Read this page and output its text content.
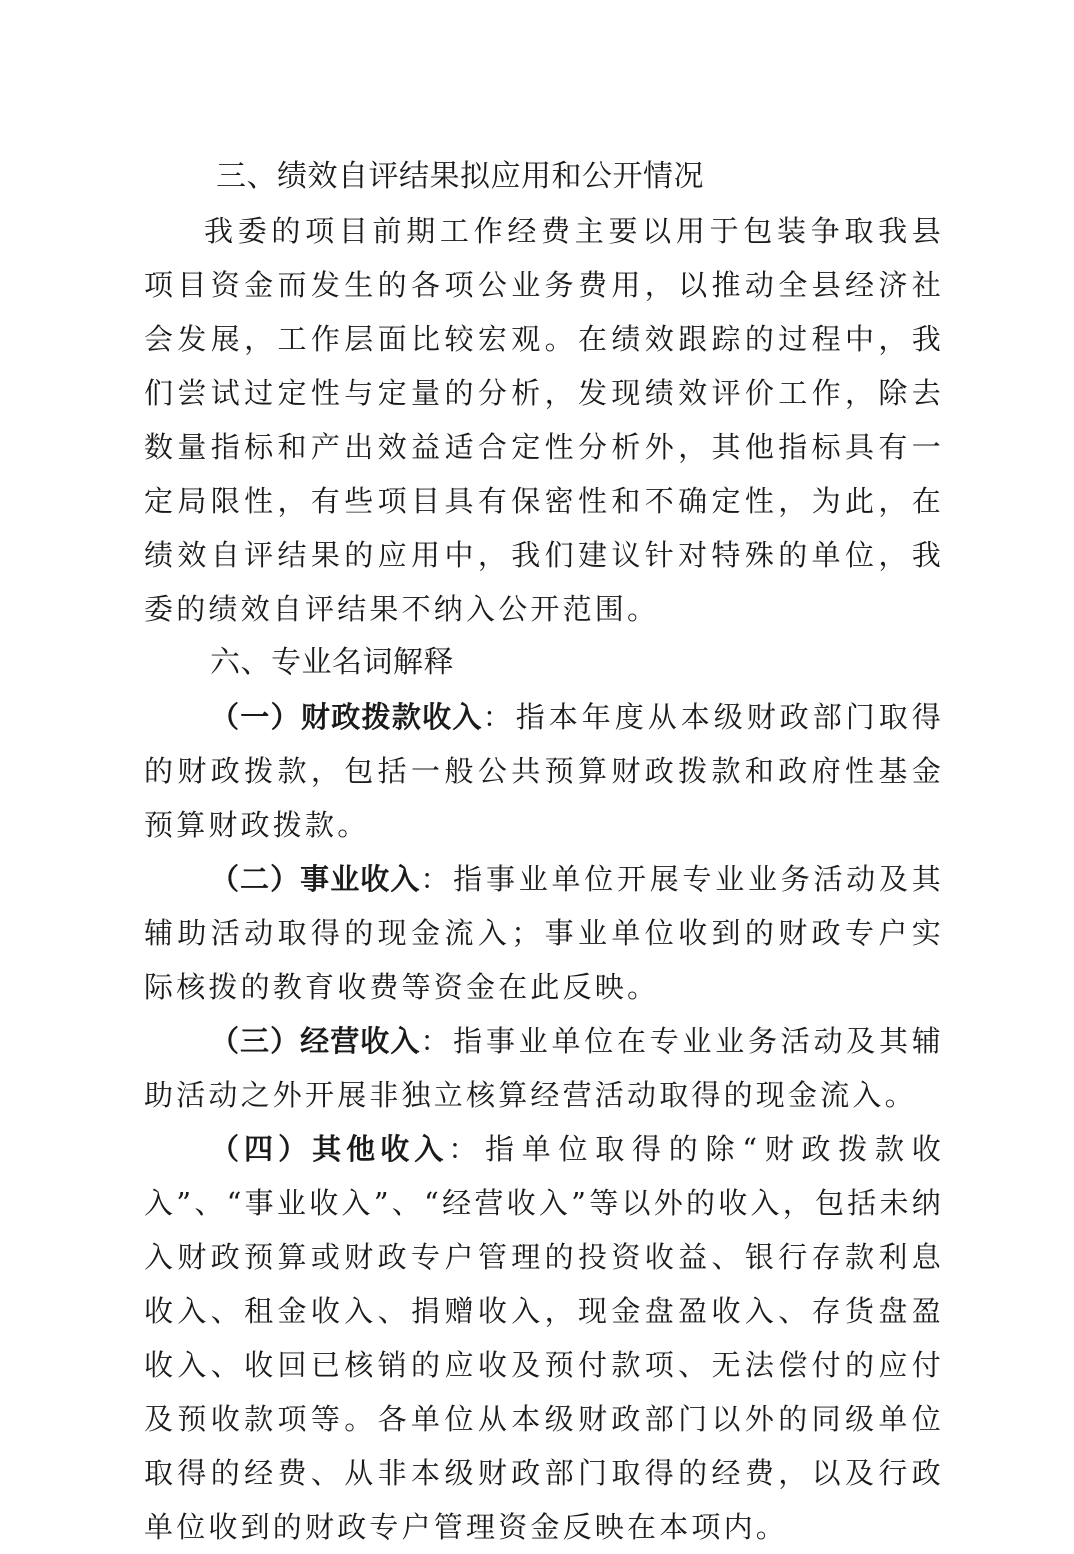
三、绩效自评结果拟应用和公开情况

我委的项目前期工作经费主要以用于包装争取我县项目资金而发生的各项公业务费用，以推动全县经济社会发展，工作层面比较宏观。在绩效跟踪的过程中，我们尝试过定性与定量的分析，发现绩效评价工作，除去数量指标和产出效益适合定性分析外，其他指标具有一定局限性，有些项目具有保密性和不确定性，为此，在绩效自评结果的应用中，我们建议针对特殊的单位，我委的绩效自评结果不纳入公开范围。

六、专业名词解释

（一）财政拨款收入：指本年度从本级财政部门取得的财政拨款，包括一般公共预算财政拨款和政府性基金预算财政拨款。

（二）事业收入：指事业单位开展专业业务活动及其辅助活动取得的现金流入；事业单位收到的财政专户实际核拨的教育收费等资金在此反映。

（三）经营收入：指事业单位在专业业务活动及其辅助活动之外开展非独立核算经营活动取得的现金流入。

（四）其他收入：指单位取得的除“财政拨款收入”、“事业收入”、“经营收入”等以外的收入，包括未纳入财政预算或财政专户管理的投资收益、银行存款利息收入、租金收入、捐赠收入，现金盘盈收入、存货盘盈收入、收回已核销的应收及预付款项、无法偿付的应付及预收款项等。各单位从本级财政部门以外的同级单位取得的经费、从非本级财政部门取得的经费，以及行政单位收到的财政专户管理资金反映在本项内。
